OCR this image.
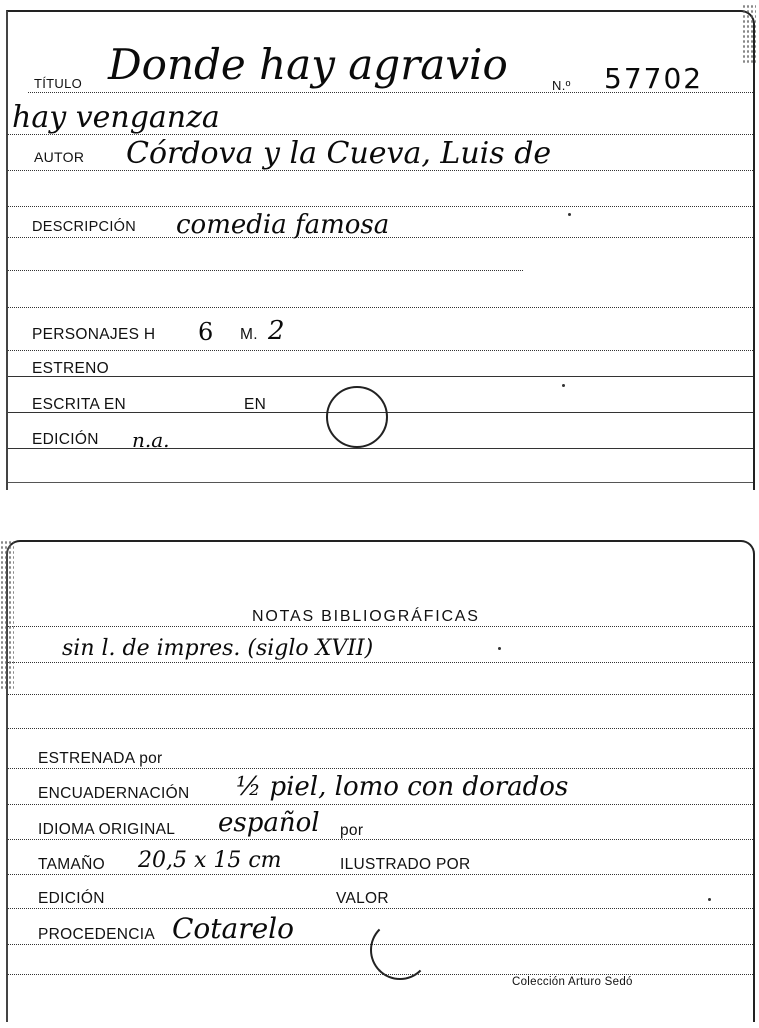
Donde hay agravio
TÍTULO	N.º 57702
hay venganza
AUTOR Córdova y la Cueva, Luis de
DESCRIPCIÓN comedia famosa
PERSONAJES H 6 M. 2
ESTRENO
ESCRITA EN	EN
EDICIÓN n.a.
NOTAS BIBLIOGRÁFICAS
sin l. de impres. (siglo XVII)
ESTRENADA por
ENCUADERNACIÓN ½ piel, lomo con dorados
IDIOMA ORIGINAL español por
TAMAÑO 20,5 x 15 cm	ILUSTRADO POR
EDICIÓN	VALOR
PROCEDENCIA Cotarelo
Colección Arturo Sedó
